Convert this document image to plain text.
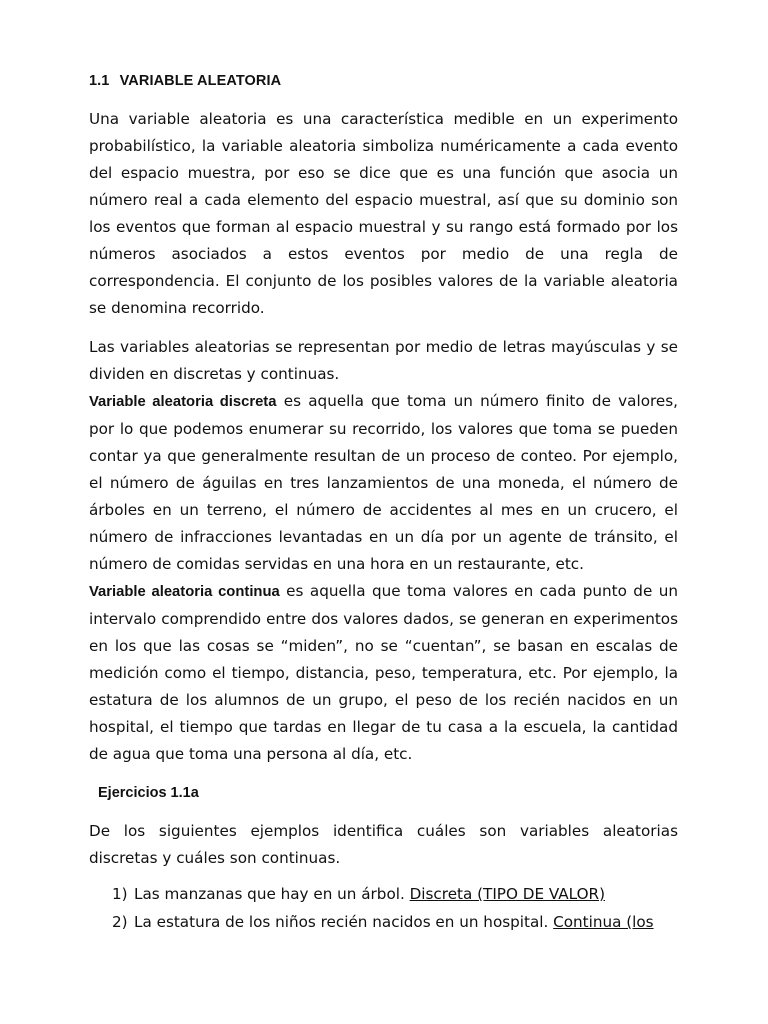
1.1 VARIABLE ALEATORIA

Una variable aleatoria es una característica medible en un experimento probabilístico, la variable aleatoria simboliza numéricamente a cada evento del espacio muestra, por eso se dice que es una función que asocia un número real a cada elemento del espacio muestral, así que su dominio son los eventos que forman al espacio muestral y su rango está formado por los números asociados a estos eventos por medio de una regla de correspondencia. El conjunto de los posibles valores de la variable aleatoria se denomina recorrido.

Las variables aleatorias se representan por medio de letras mayúsculas y se dividen en discretas y continuas.

Variable aleatoria discreta es aquella que toma un número finito de valores, por lo que podemos enumerar su recorrido, los valores que toma se pueden contar ya que generalmente resultan de un proceso de conteo. Por ejemplo, el número de águilas en tres lanzamientos de una moneda, el número de árboles en un terreno, el número de accidentes al mes en un crucero, el número de infracciones levantadas en un día por un agente de tránsito, el número de comidas servidas en una hora en un restaurante, etc.

Variable aleatoria continua es aquella que toma valores en cada punto de un intervalo comprendido entre dos valores dados, se generan en experimentos en los que las cosas se “miden”, no se “cuentan”, se basan en escalas de medición como el tiempo, distancia, peso, temperatura, etc. Por ejemplo, la estatura de los alumnos de un grupo, el peso de los recién nacidos en un hospital, el tiempo que tardas en llegar de tu casa a la escuela, la cantidad de agua que toma una persona al día, etc.

Ejercicios 1.1a

De los siguientes ejemplos identifica cuáles son variables aleatorias discretas y cuáles son continuas.

1) Las manzanas que hay en un árbol. Discreta (TIPO DE VALOR)
2) La estatura de los niños recién nacidos en un hospital. Continua (los
